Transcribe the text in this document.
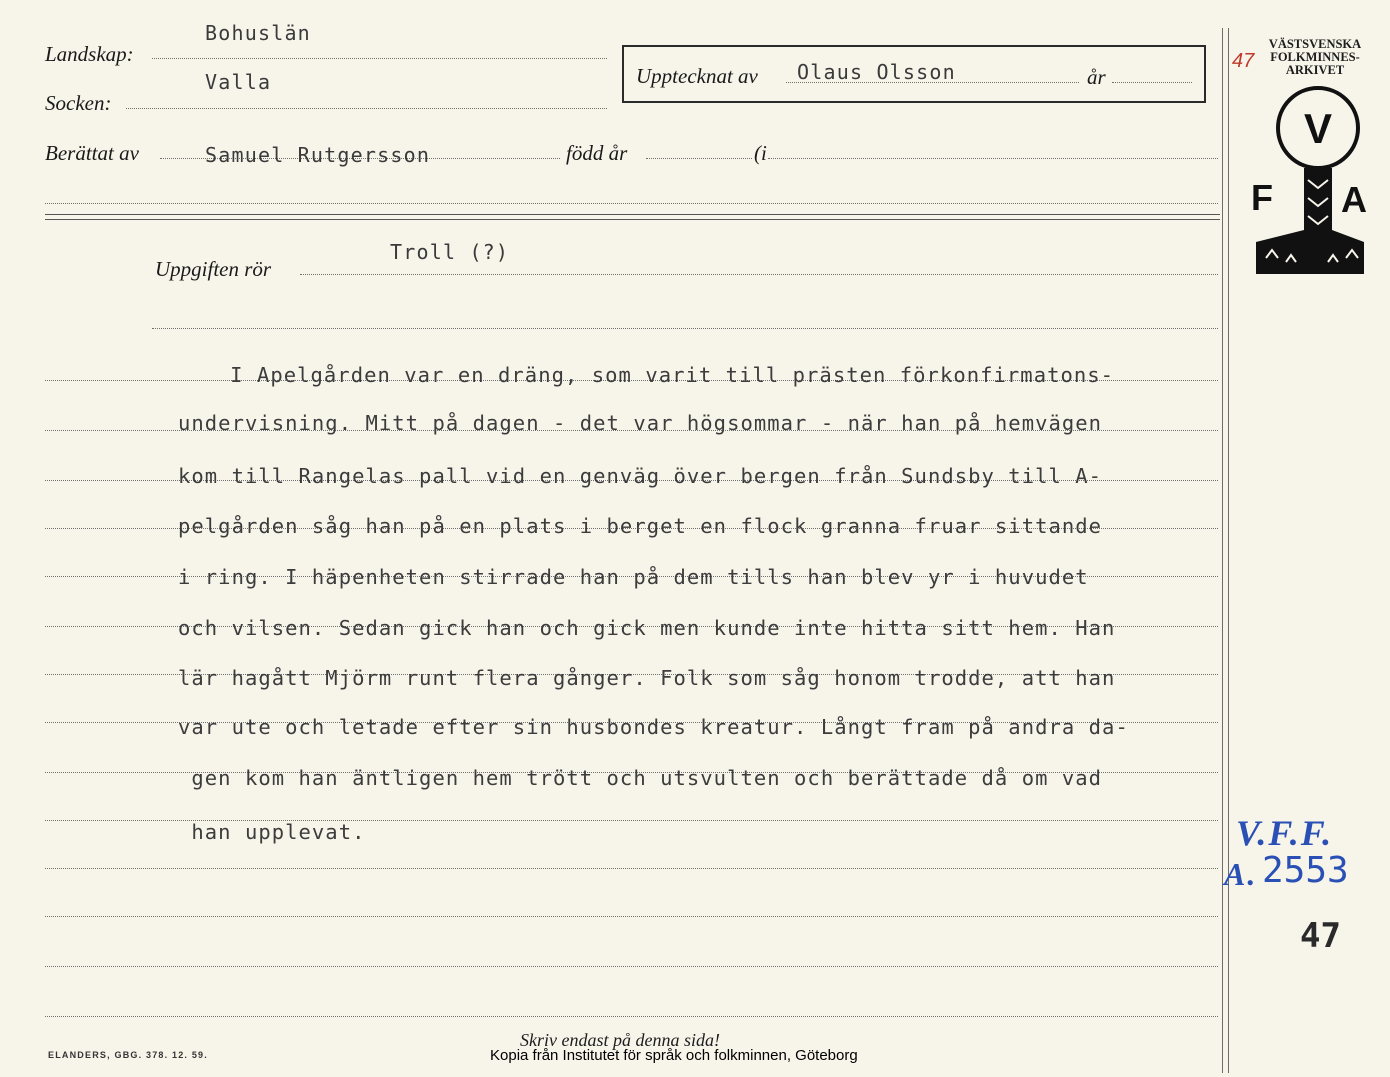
Landskap:
Bohuslän
Socken:
Valla	Upptecknat av Olaus Olsson	år
Berättat av	Samuel Rutgersson	född år	(i
Uppgiften rör
Troll (?)
I Apelgården var en dräng, som varit till prästen förkonfirmatons-
undervisning. Mitt på dagen - det var högsommar - när han på hemvägen
kom till Rangelas pall vid en genväg över bergen från Sundsby till A-
pelgården såg han på en plats i berget en flock granna fruar sittande
i ring. I häpenheten stirrade han på dem tills han blev yr i huvudet
och vilsen. Sedan gick han och gick men kunde inte hitta sitt hem. Han
lär hagått Mjörm runt flera gånger. Folk som såg honom trodde, att han
var ute och letade efter sin husbondes kreatur. Långt fram på andra da-
gen kom han äntligen hem trött och utsvulten och berättade då om vad
han upplevat.
47
VÄSTSVENSKA
FOLKMINNES-
ARKIVET
V
F A
V.F.F.
A. 2553
47
ELANDERS, GBG. 378. 12. 59.
Skriv endast på denna sida!
Kopia från Institutet för språk och folkminnen, Göteborg
